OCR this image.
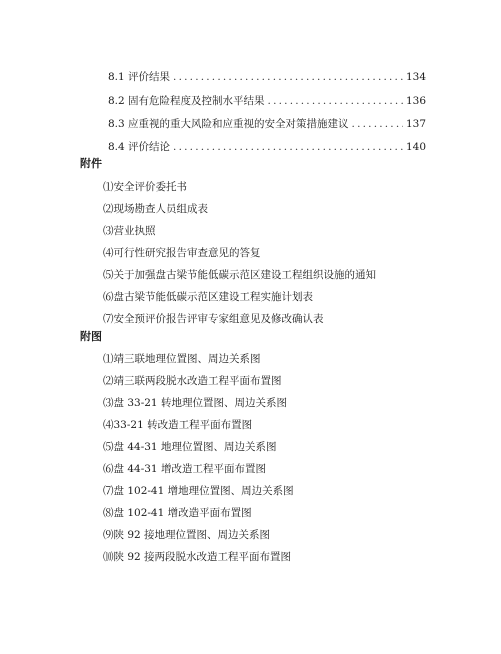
8.1 评价结果 .....	134
8.2 固有危险程度及控制水平结果 .....	136
8.3 应重视的重大风险和应重视的安全对策措施建议 .....	137
8.4 评价结论 .....	140
附件
⑴安全评价委托书
⑵现场勘查人员组成表
⑶营业执照
⑷可行性研究报告审查意见的答复
⑸关于加强盘古梁节能低碳示范区建设工程组织设施的通知
⑹盘古梁节能低碳示范区建设工程实施计划表
⑺安全预评价报告评审专家组意见及修改确认表
附图
⑴靖三联地理位置图、周边关系图
⑵靖三联两段脱水改造工程平面布置图
⑶盘 33-21 转地理位置图、周边关系图
⑷33-21 转改造工程平面布置图
⑸盘 44-31 地理位置图、周边关系图
⑹盘 44-31 增改造工程平面布置图
⑺盘 102-41 增地理位置图、周边关系图
⑻盘 102-41 增改造平面布置图
⑼陕 92 接地理位置图、周边关系图
⑽陕 92 接两段脱水改造工程平面布置图
